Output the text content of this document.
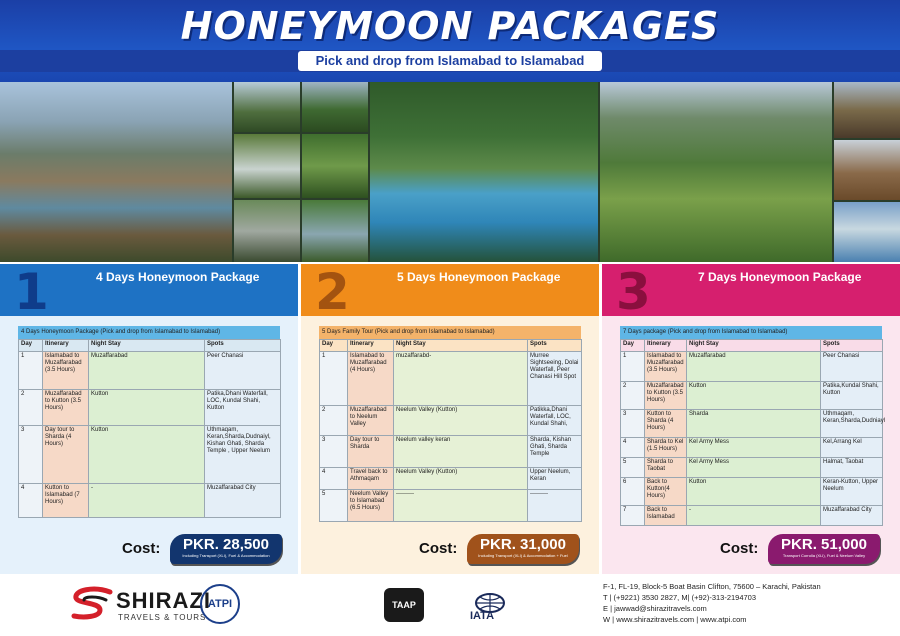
HONEYMOON PACKAGES
Pick and drop from Islamabad to Islamabad
1	4 Days Honeymoon Package
4 Days Honeymoon Package (Pick and drop from Islamabad to Islamabad)
Day	Itinerary	Night Stay	Spots
1	Islamabad to Muzaffarabad (3.5 Hours)	Muzaffarabad	Peer Chanasi
2	Muzaffarabad to Kutton (3.5 Hours)	Kutton	Patika,Dhani Waterfall, LOC, Kundal Shahi, Kutton
3	Day tour to Sharda (4 Hours)	Kutton	Uthmaqam, Keran,Sharda,Dudnaiyl, Kishan Ghati, Sharda Temple , Upper Neelum
4	Kutton to Islamabad (7 Hours)	-	Muzaffarabad City
Cost:	PKR. 28,500
Including Transport (XLI), Fuel & Accommodation
2	5 Days Honeymoon Package
5 Days Family Tour (Pick and drop from Islamabad to Islamabad)
Day	Itinerary	Night Stay	Spots
1	Islamabad to Muzaffarabad (4 Hours)	muzaffarabd-	Murree Sightseeing, Dolai Waterfall, Peer Chanasi Hill Spot
2	Muzaffarabad to Neelum Valley	Neelum Valley (Kutton)	Patikka,Dhani Waterfall, LOC, Kundal Shahi,
3	Day tour to Sharda	Neelum valley keran	Sharda, Kishan Ghati, Sharda Temple
4	Travel back to Athmaqam	Neelum Valley (Kutton)	Upper Neelum, Keran
5	Neelum Valley to Islamabad (6.5 Hours)	---------	---------
Cost:	PKR. 31,000
Including Transport (XLI) & Accommodation + Fuel
3	7 Days Honeymoon Package
7 Days package (Pick and drop from Islamabad to Islamabad)
Day	Itinerary	Night Stay	Spots
1	Islamabad to Muzaffarabad (3.5 Hours)	Muzaffarabad	Peer Chanasi
2	Muzaffarabad to Kutton (3.5 Hours)	Kutton	Patika,Kundal Shahi, Kutton
3	Kutton to Sharda (4 Hours)	Sharda	Uthmaqam, Keran,Sharda,Dudniayl
4	Sharda to Kel (1.5 Hours)	Kel Army Mess	Kel,Arrang Kel
5	Sharda to Taobat	Kel Army Mess	Halmat, Taobat
6	Back to Kutton(4 Hours)	Kutton	Keran-Kutton, Upper Neelum
7	Back to Islamabad	-	Muzaffarabad City
Cost:	PKR. 51,000
Transport Corrolla (XLI), Fuel & Neelum Valley
SHIRAZI
TRAVELS & TOURS
ATPI	TAAP
IATA
F-1, FL-19, Block-5 Boat Basin Clifton, 75600 – Karachi, Pakistan
T | (+9221) 3530 2827, M| (+92)-313-2194703
E | jawwad@shirazitravels.com
W | www.shirazitravels.com | www.atpi.com
